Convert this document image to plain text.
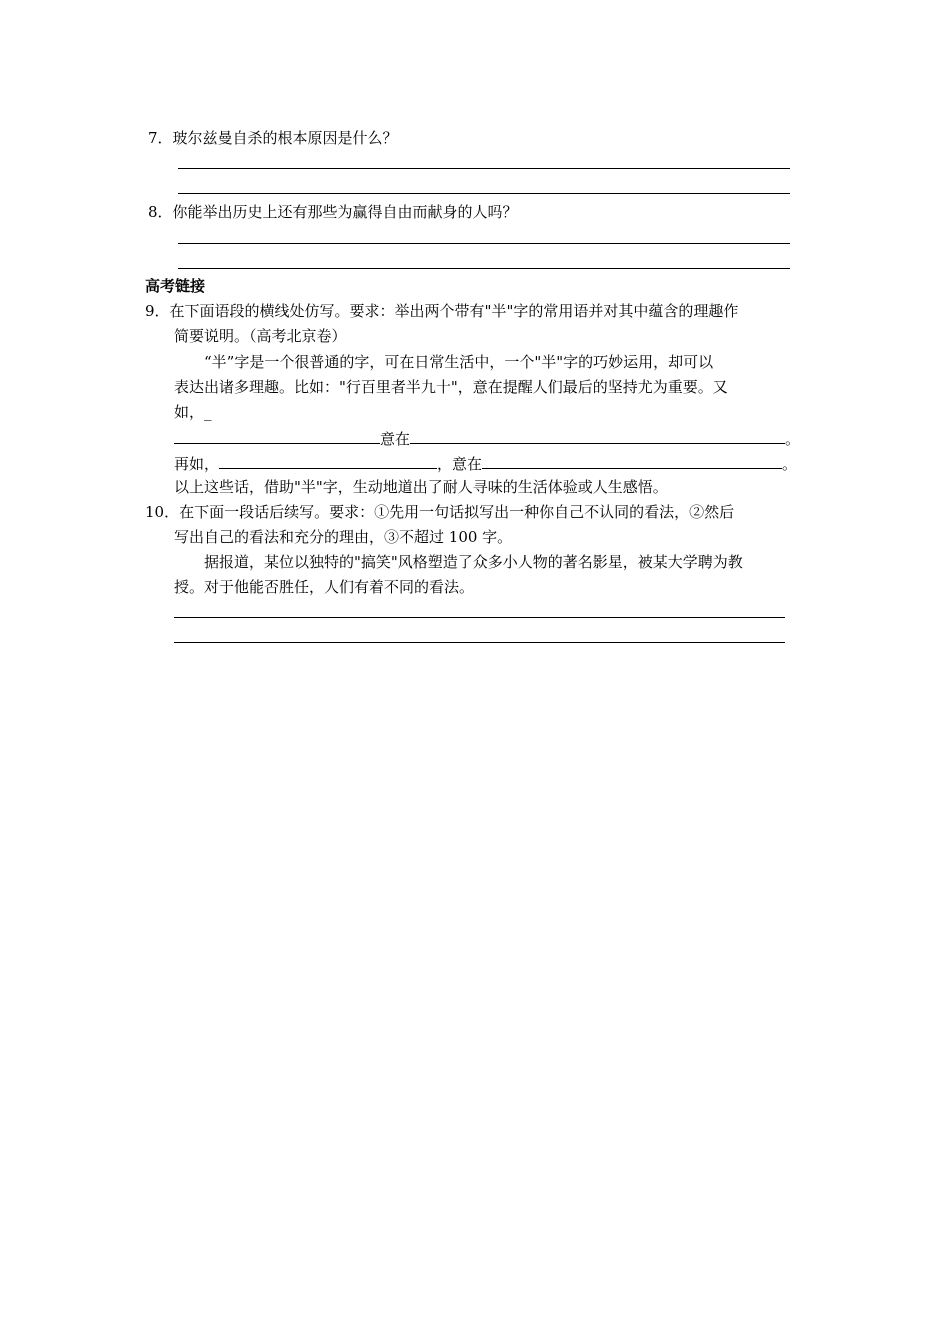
7．玻尔兹曼自杀的根本原因是什么？
8．你能举出历史上还有那些为赢得自由而献身的人吗？
高考链接
9．在下面语段的横线处仿写。要求：举出两个带有"半"字的常用语并对其中蕴含的理趣作
简要说明。（高考北京卷）
“半”字是一个很普通的字，可在日常生活中，一个"半"字的巧妙运用，却可以
表达出诸多理趣。比如："行百里者半九十"，意在提醒人们最后的坚持尤为重要。又
如，_
意在	。
再如，	，意在	。
以上这些话，借助"半"字，生动地道出了耐人寻味的生活体验或人生感悟。
10．在下面一段话后续写。要求：①先用一句话拟写出一种你自己不认同的看法，②然后
写出自己的看法和充分的理由，③不超过 100 字。
据报道，某位以独特的"搞笑"风格塑造了众多小人物的著名影星，被某大学聘为教
授。对于他能否胜任，人们有着不同的看法。
